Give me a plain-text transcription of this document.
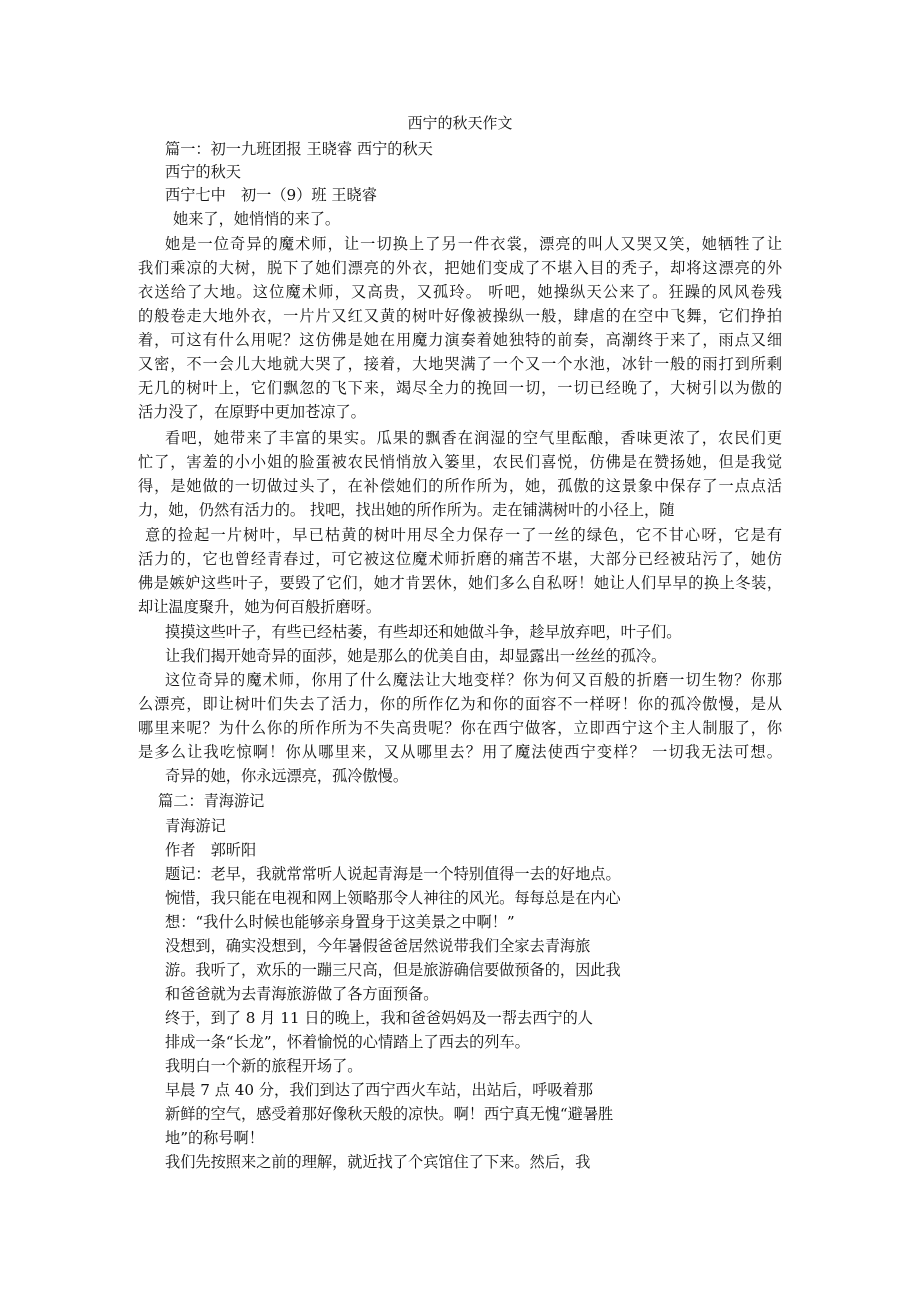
西宁的秋天作文
篇一：初一九班团报 王晓睿 西宁的秋天
西宁的秋天
西宁七中　初一（9）班 王晓睿
她来了，她悄悄的来了。
她是一位奇异的魔术师，让一切换上了另一件衣裳，漂亮的叫人又哭又笑，她牺牲了让
我们乘凉的大树，脱下了她们漂亮的外衣，把她们变成了不堪入目的秃子，却将这漂亮的外
衣送给了大地。这位魔术师，又高贵，又孤玲。 听吧，她操纵天公来了。狂躁的风风卷残
的般卷走大地外衣，一片片又红又黄的树叶好像被操纵一般，肆虐的在空中飞舞，它们挣拍
着，可这有什么用呢？这仿佛是她在用魔力演奏着她独特的前奏，高潮终于来了，雨点又细
又密，不一会儿大地就大哭了，接着，大地哭满了一个又一个水池，冰针一般的雨打到所剩
无几的树叶上，它们飘忽的飞下来，竭尽全力的挽回一切，一切已经晚了，大树引以为傲的
活力没了，在原野中更加苍凉了。
看吧，她带来了丰富的果实。瓜果的飘香在润湿的空气里酝酿，香味更浓了，农民们更
忙了，害羞的小小姐的脸蛋被农民悄悄放入篓里，农民们喜悦，仿佛是在赞扬她，但是我觉
得，是她做的一切做过头了，在补偿她们的所作所为，她，孤傲的这景象中保存了一点点活
力，她，仍然有活力的。 找吧，找出她的所作所为。走在铺满树叶的小径上，随
意的捡起一片树叶，早已枯黄的树叶用尽全力保存一了一丝的绿色，它不甘心呀，它是有
活力的，它也曾经青春过，可它被这位魔术师折磨的痛苦不堪，大部分已经被玷污了，她仿
佛是嫉妒这些叶子，要毁了它们，她才肯罢休，她们多么自私呀！她让人们早早的换上冬装，
却让温度聚升，她为何百般折磨呀。
摸摸这些叶子，有些已经枯萎，有些却还和她做斗争，趁早放弃吧，叶子们。
让我们揭开她奇异的面莎，她是那么的优美自由，却显露出一丝丝的孤冷。
这位奇异的魔术师，你用了什么魔法让大地变样？你为何又百般的折磨一切生物？你那
么漂亮，即让树叶们失去了活力，你的所作亿为和你的面容不一样呀！你的孤冷傲慢，是从
哪里来呢？为什么你的所作所为不失高贵呢？你在西宁做客，立即西宁这个主人制服了，你
是多么让我吃惊啊！你从哪里来，又从哪里去？用了魔法使西宁变样？ 一切我无法可想。
奇异的她，你永远漂亮，孤冷傲慢。
篇二：青海游记
青海游记
作者　郭昕阳
题记：老早，我就常常听人说起青海是一个特别值得一去的好地点。
惋惜，我只能在电视和网上领略那令人神往的风光。每每总是在内心
想：“我什么时候也能够亲身置身于这美景之中啊！”
没想到，确实没想到，今年暑假爸爸居然说带我们全家去青海旅
游。我听了，欢乐的一蹦三尺高，但是旅游确信要做预备的，因此我
和爸爸就为去青海旅游做了各方面预备。
终于，到了 8 月 11 日的晚上，我和爸爸妈妈及一帮去西宁的人
排成一条“长龙”，怀着愉悦的心情踏上了西去的列车。
我明白一个新的旅程开场了。
早晨 7 点 40 分，我们到达了西宁西火车站，出站后，呼吸着那
新鲜的空气，感受着那好像秋天般的凉快。啊！西宁真无愧“避暑胜
地”的称号啊！
我们先按照来之前的理解，就近找了个宾馆住了下来。然后，我
